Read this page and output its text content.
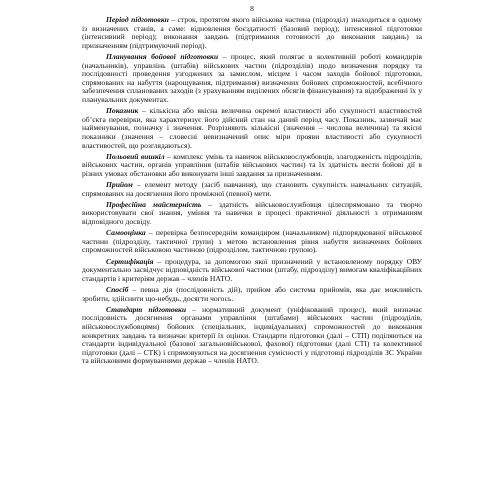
8

Період підготовки – строк, протягом якого військова частина (підрозділ) знаходиться в одному із визначених станів, а саме: відновлення боєздатності (базовий період); інтенсивної підготовки (інтенсивний період); виконання завдань (підтримання готовності до виконання завдань) за призначенням (підтримуючий період).

Планування бойової підготовки – процес, який полягає в колективній роботі командирів (начальників), управлінь (штабів) військових частин (підрозділів) щодо визначення порядку та послідовності проведення узгоджених за замислом, місцем і часом заходів бойової підготовки, спрямованих на набуття (нарощування, підтримання) визначених бойових спроможностей, всебічного забезпечення спланованих заходів (з урахуванням виділених обсягів фінансування) та відображенні їх у планувальних документах.

Показник – кількісна або якісна величина окремої властивості або сукупності властивостей об’єкта перевірки, яка характеризує його дійсний стан на даний період часу. Показник, зазвичай має найменування, позначку і значення. Розрізняють кількісні (значення – числова величина) та якісні показники (значення – словесні невизначений опис міри прояви властивості або сукупності властивостей, що розглядаються).

Польовий вишкіл – комплекс умінь та навичок військовослужбовців, злагодженість підрозділів, військових частин, органів управління (штабів військових частин) та їх здатність вести бойові дії в різних умовах обстановки або виконувати інші завдання за призначенням.

Прийом – елемент методу (засіб навчання), що становить сукупність навчальних ситуацій, спрямованих на досягнення його проміжної (певної) мети.

Професійна майстерність – здатність військовослужбовця цілеспрямовано та творчо використовувати свої знання, уміння та навички в процесі практичної діяльності з отриманням відповідного досвіду.

Самооцінка – перевірка безпосереднім командиром (начальником) підпорядкованої військової частини (підрозділу, тактичної групи) з метою встановлення рівня набуття визначених бойових спроможностей військовою частиною (підрозділом, тактичною групою).

Сертифікація – процедура, за допомогою якої призначений у встановленому порядку ОВУ документально засвідчує відповідність військової частини (штабу, підрозділу) вимогам кваліфікаційних стандартів і критеріям держав – членів НАТО.

Спосіб – певна дія (послідовність дій), прийом або система прийомів, яка дає можливість зробити, здійснити що-небудь, досягти чогось.

Стандарт підготовки – нормативний документ (уніфікований процес), який визначає послідовність досягнення органами управління (штабами) військових частин (підрозділів, військовослужбовцями) бойових (спеціальних, індивідуальних) спроможностей до виконання конкретних завдань та визначає критерії їх оцінки. Стандарти підготовки (далі – СТП) поділяються на стандарти індивідуальної (базової загальновійськової, фахової) підготовки (далі СТІ) та колективної підготовки (далі – СТК) і спрямовуються на досягнення сумісності у підготовці підрозділів ЗС України та військовими формуваннями держав – членів НАТО.
